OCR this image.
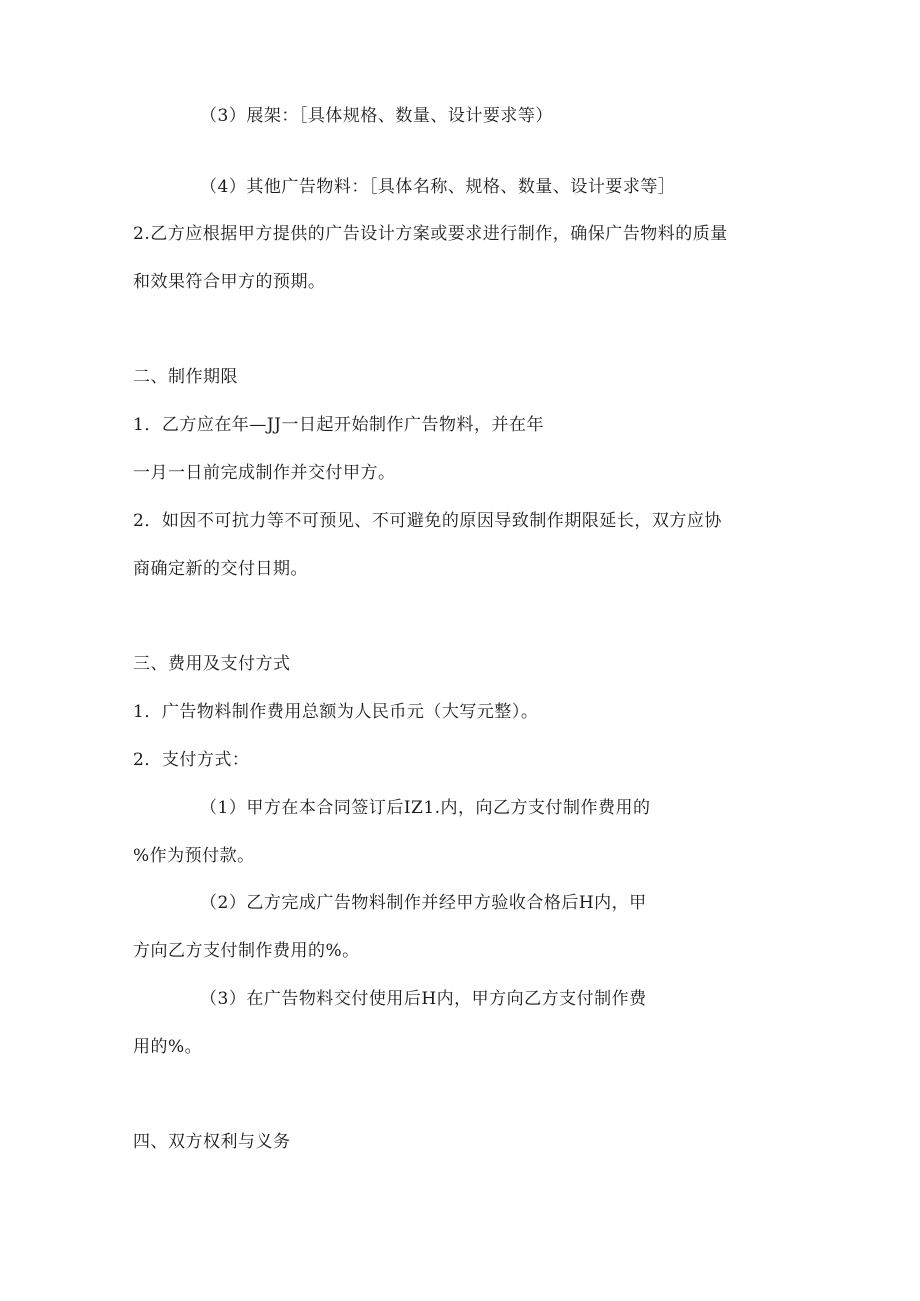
（3）展架：［具体规格、数量、设计要求等）
（4）其他广告物料：［具体名称、规格、数量、设计要求等］
2.乙方应根据甲方提供的广告设计方案或要求进行制作，确保广告物料的质量
和效果符合甲方的预期。
二、制作期限
1．乙方应在年—JJ一日起开始制作广告物料，并在年
一月一日前完成制作并交付甲方。
2．如因不可抗力等不可预见、不可避免的原因导致制作期限延长，双方应协
商确定新的交付日期。
三、费用及支付方式
1．广告物料制作费用总额为人民币元（大写元整）。
2．支付方式：
（1）甲方在本合同签订后IZ1.内，向乙方支付制作费用的
%作为预付款。
（2）乙方完成广告物料制作并经甲方验收合格后H内，甲
方向乙方支付制作费用的%。
（3）在广告物料交付使用后H内，甲方向乙方支付制作费
用的%。
四、双方权利与义务
